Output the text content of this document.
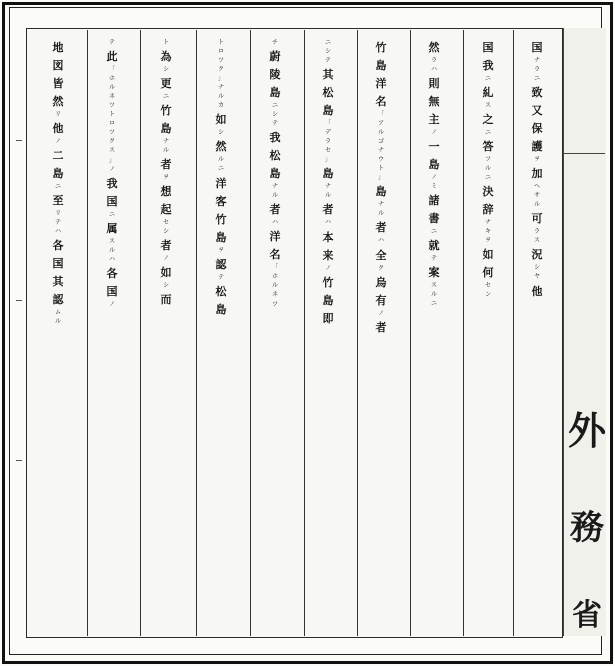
国
ナ
ラ
ニ
致
又
保
護
ヲ
加
ヘ
サ
ル
可
ラ
ス
況
シ
ヤ
他
国
我
ニ
糺
ス
之
ニ
答
フ
ル
ニ
決
辞
ナ
キ
ヲ
如
何
セ
ン
然
ラ
ハ
則
無
主
ノ
一
島
ノ
ミ
諸
書
ニ
就
テ
案
ス
ル
ニ
竹
島
洋
名
「
ア
ル
ゴ
ナ
ウ
ト
」
島
ナ
ル
者
ハ
全
ク
烏
有
ノ
者
ニ
シ
テ
其
松
島
「
デ
ラ
セ
」
島
ナ
ル
者
ハ
本
来
ノ
竹
島
即
チ
蔚
陵
島
ニ
シ
テ
我
松
島
ナ
ル
者
ハ
洋
名
「
ホ
ル
ネ
ツ
ト
ロ
ツ
ク
」
ナ
ル
カ
如
シ
然
ル
ニ
洋
客
竹
島
ヲ
認
テ
松
島
ト
為
シ
更
ニ
竹
島
ナ
ル
者
ヲ
想
起
セ
シ
者
ノ
如
シ
而
テ
此
「
ホ
ル
ネ
ツ
ト
ロ
ツ
ク
ス
」
ノ
我
国
ニ
属
ス
ル
ハ
各
国
ノ
地
図
皆
然
リ
他
ノ
二
島
ニ
至
リ
テ
ハ
各
国
其
認
ム
ル
外
務
省
